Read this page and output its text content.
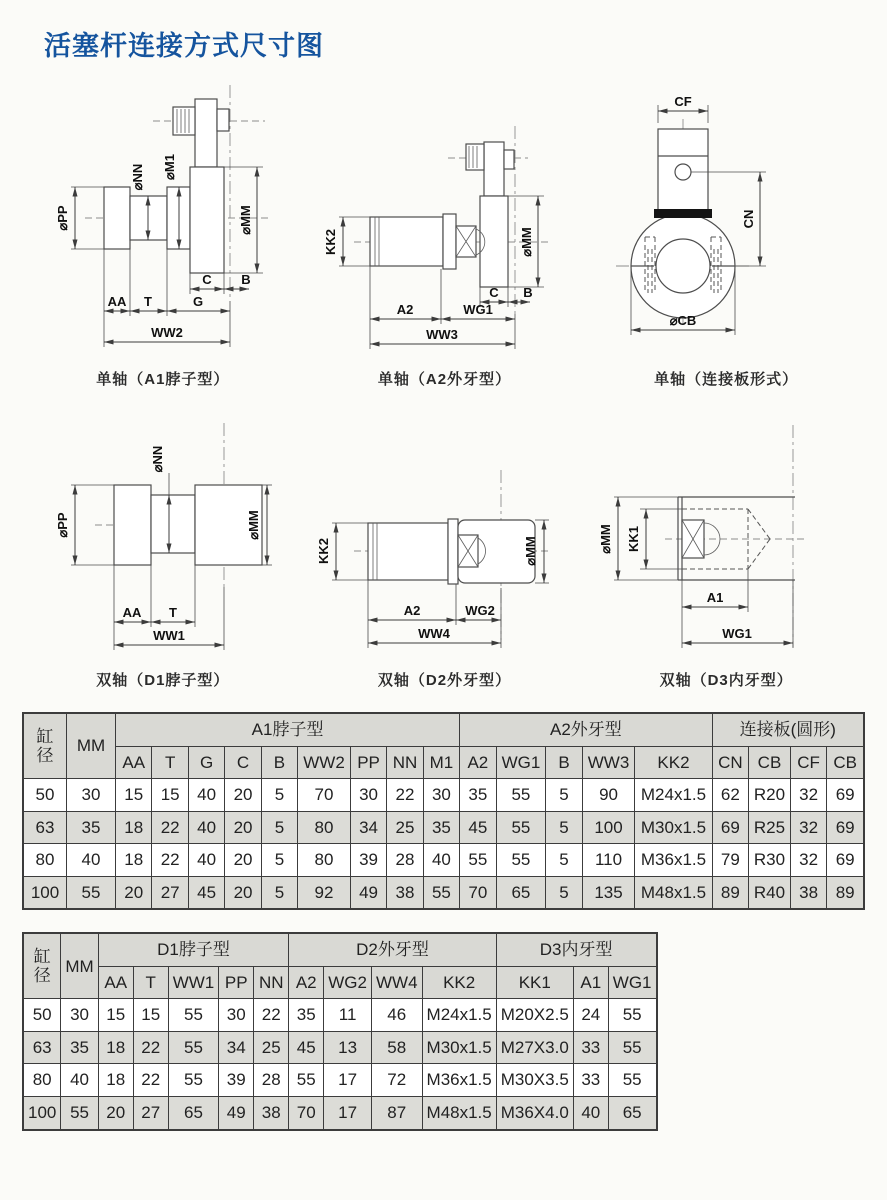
活塞杆连接方式尺寸图
⌀PP
⌀NN ⌀M1
⌀MM
C B
AA T	G
WW2
单轴（A1脖子型）
KK2	⌀MM
C B
A2	WG1
WW3
单轴（A2外牙型）
CF
CN
⌀CB
单轴（连接板形式）
⌀PP
⌀NN
⌀MM
AA T
WW1
双轴（D1脖子型）
KK2	⌀MM
A2	WG2
WW4
双轴（D2外牙型）
⌀MM KK1
A1
WG1
双轴（D3内牙型）
缸径	MM	A1脖子型									A2外牙型					连接板(圆形)			
		AA	T	G	C	B	WW2	PP	NN	M1	A2	WG1	B	WW3	KK2	CN	CB	CF	CB
50	30	15	15	40	20	5	70	30	22	30	35	55	5	90	M24x1.5	62	R20	32	69
63	35	18	22	40	20	5	80	34	25	35	45	55	5	100	M30x1.5	69	R25	32	69
80	40	18	22	40	20	5	80	39	28	40	55	55	5	110	M36x1.5	79	R30	32	69
100	55	20	27	45	20	5	92	49	38	55	70	65	5	135	M48x1.5	89	R40	38	89
缸径	MM	D1脖子型					D2外牙型				D3内牙型		
		AA	T	WW1	PP	NN	A2	WG2	WW4	KK2	KK1	A1	WG1
50	30	15	15	55	30	22	35	11	46	M24x1.5	M20X2.5	24	55
63	35	18	22	55	34	25	45	13	58	M30x1.5	M27X3.0	33	55
80	40	18	22	55	39	28	55	17	72	M36x1.5	M30X3.5	33	55
100	55	20	27	65	49	38	70	17	87	M48x1.5	M36X4.0	40	65
